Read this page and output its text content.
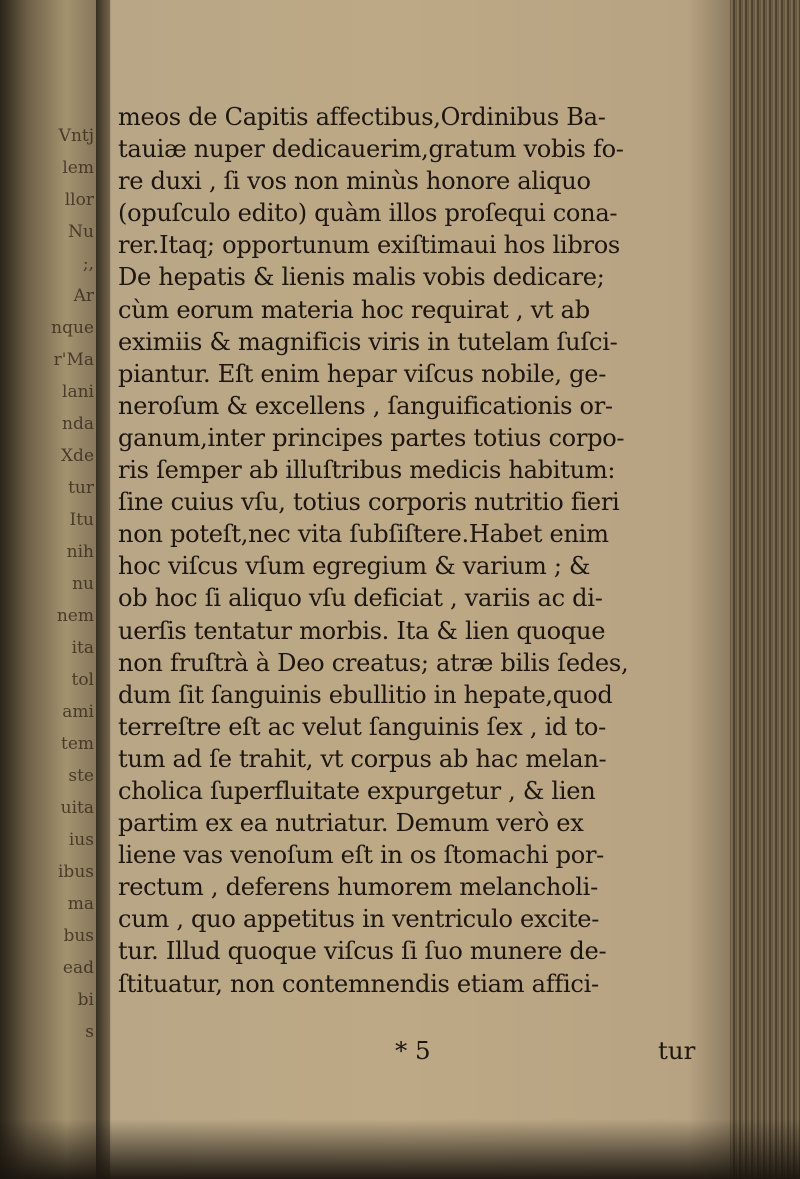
Vntj
lem
llor
Nu
;,
Ar
nque
r'Ma
lani
nda
Xde
tur
Itu
nih
nu
nem
ita
tol
ami
tem
ste
uita
ius
ibus
ma
bus
ead
bi
s
meos de Capitis affectibus,Ordinibus Ba-
tauiæ nuper dedicauerim,gratum vobis fo-
re duxi , ſi vos non minùs honore aliquo
(opuſculo edito) quàm illos proſequi cona-
rer.Itaq; opportunum exiſtimaui hos libros
De hepatis & lienis malis vobis dedicare;
cùm eorum materia hoc requirat , vt ab
eximiis & magnificis viris in tutelam ſuſci-
piantur. Eſt enim hepar viſcus nobile, ge-
neroſum & excellens , ſanguificationis or-
ganum,inter principes partes totius corpo-
ris ſemper ab illuſtribus medicis habitum:
ſine cuius vſu, totius corporis nutritio fieri
non poteſt,nec vita ſubſiſtere.Habet enim
hoc viſcus vſum egregium & varium ; &
ob hoc ſi aliquo vſu deficiat , variis ac di-
uerſis tentatur morbis. Ita & lien quoque
non fruſtrà à Deo creatus; atræ bilis ſedes,
dum ſit ſanguinis ebullitio in hepate,quod
terreſtre eſt ac velut ſanguinis ſex , id to-
tum ad ſe trahit, vt corpus ab hac melan-
cholica ſuperfluitate expurgetur , & lien
partim ex ea nutriatur. Demum verò ex
liene vas venoſum eſt in os ſtomachi por-
rectum , deferens humorem melancholi-
cum , quo appetitus in ventriculo excite-
tur. Illud quoque viſcus ſi ſuo munere de-
ſtituatur, non contemnendis etiam affici-
* 5	tur
